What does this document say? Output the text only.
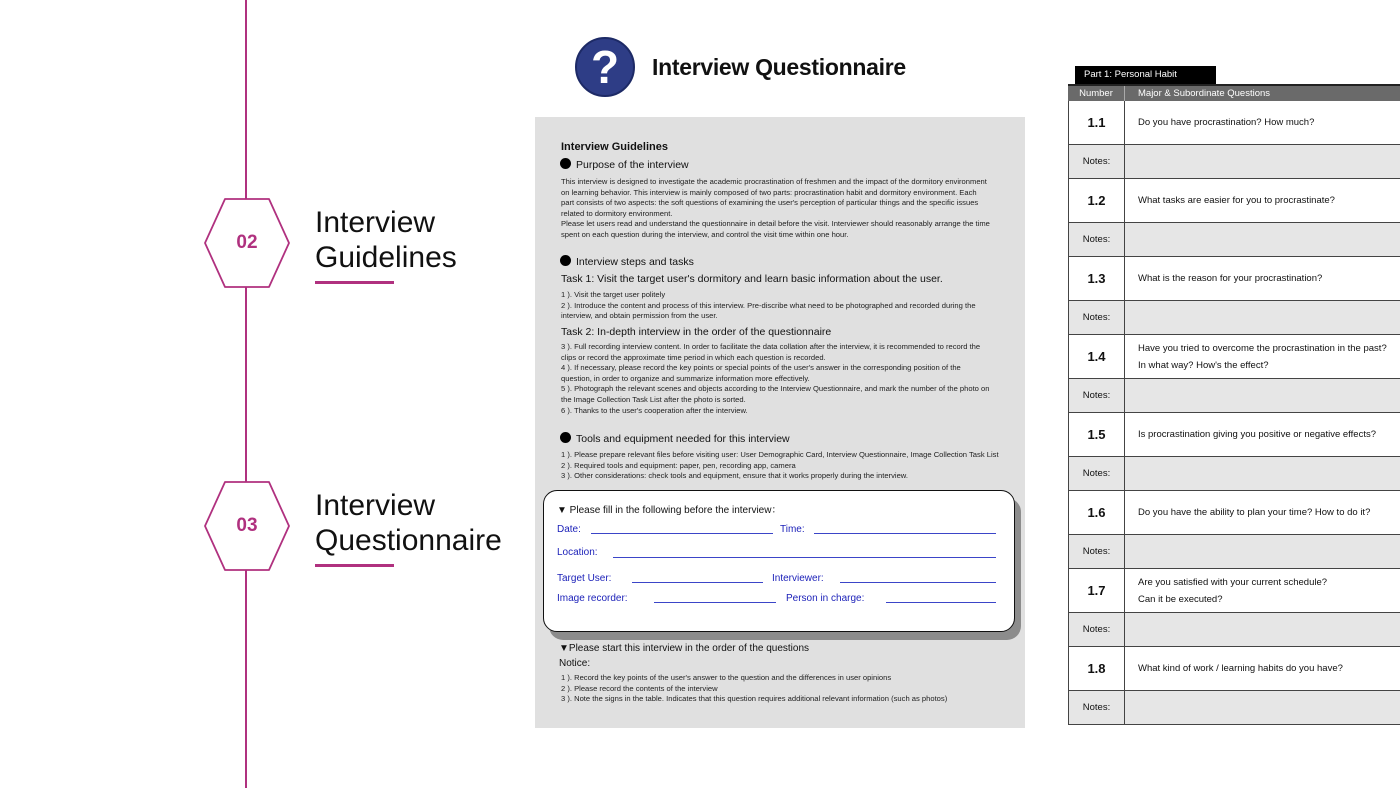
02
Interview
Guidelines
03
Interview
Questionnaire
?	Interview Questionnaire
Interview Guidelines
Purpose of the interview
This interview is designed to investigate the academic procrastination of freshmen and the impact of the dormitory environment
on learning behavior. This interview is mainly composed of two parts: procrastination habit and dormitory environment. Each
part consists of two aspects: the soft questions of examining the user's perception of particular things and the specific issues
related to dormitory environment.
Please let users read and understand the questionnaire in detail before the visit. Interviewer should reasonably arrange the time
spent on each question during the interview, and control the visit time within one hour.
Interview steps and tasks
Task 1: Visit the target user's dormitory and learn basic information about the user.
1 ). Visit the target user politely
2 ). Introduce the content and process of this interview. Pre-discribe what need to be photographed and recorded during the
interview, and obtain permission from the user.
Task 2: In-depth interview in the order of the questionnaire
3 ). Full recording interview content. In order to facilitate the data collation after the interview, it is recommended to record the
clips or record the approximate time period in which each question is recorded.
4 ). If necessary, please record the key points or special points of the user's answer in the corresponding position of the
question, in order to organize and summarize information more effectively.
5 ). Photograph the relevant scenes and objects according to the Interview Questionnaire, and mark the number of the photo on
the Image Collection Task List after the photo is sorted.
6 ). Thanks to the user's cooperation after the interview.
Tools and equipment needed for this interview
1 ). Please prepare relevant files before visiting user: User Demographic Card, Interview Questionnaire, Image Collection Task List
2 ). Required tools and equipment: paper, pen, recording app, camera
3 ). Other considerations: check tools and equipment, ensure that it works properly during the interview.
▼ Please fill in the following before the interview：
Date:	Time:
Location:
Target User:	Interviewer:
Image recorder:	Person in charge:
▼Please start this interview in the order of the questions
Notice:
1 ). Record the key points of the user's answer to the question and the differences in user opinions
2 ). Please record the contents of the interview
3 ). Note the signs in the table. Indicates that this question requires additional relevant information (such as photos)
Part 1: Personal Habit
Number	Major & Subordinate Questions
1.1	Do you have procrastination? How much?
Notes:
1.2	What tasks are easier for you to procrastinate?
Notes:
1.3	What is the reason for your procrastination?
Notes:
1.4
Have you tried to overcome the procrastination in the past?
In what way? How's the effect?
Notes:
1.5	Is procrastination giving you positive or negative effects?
Notes:
1.6	Do you have the ability to plan your time? How to do it?
Notes:
1.7
Are you satisfied with your current schedule?
Can it be executed?
Notes:
1.8	What kind of work / learning habits do you have?
Notes:
